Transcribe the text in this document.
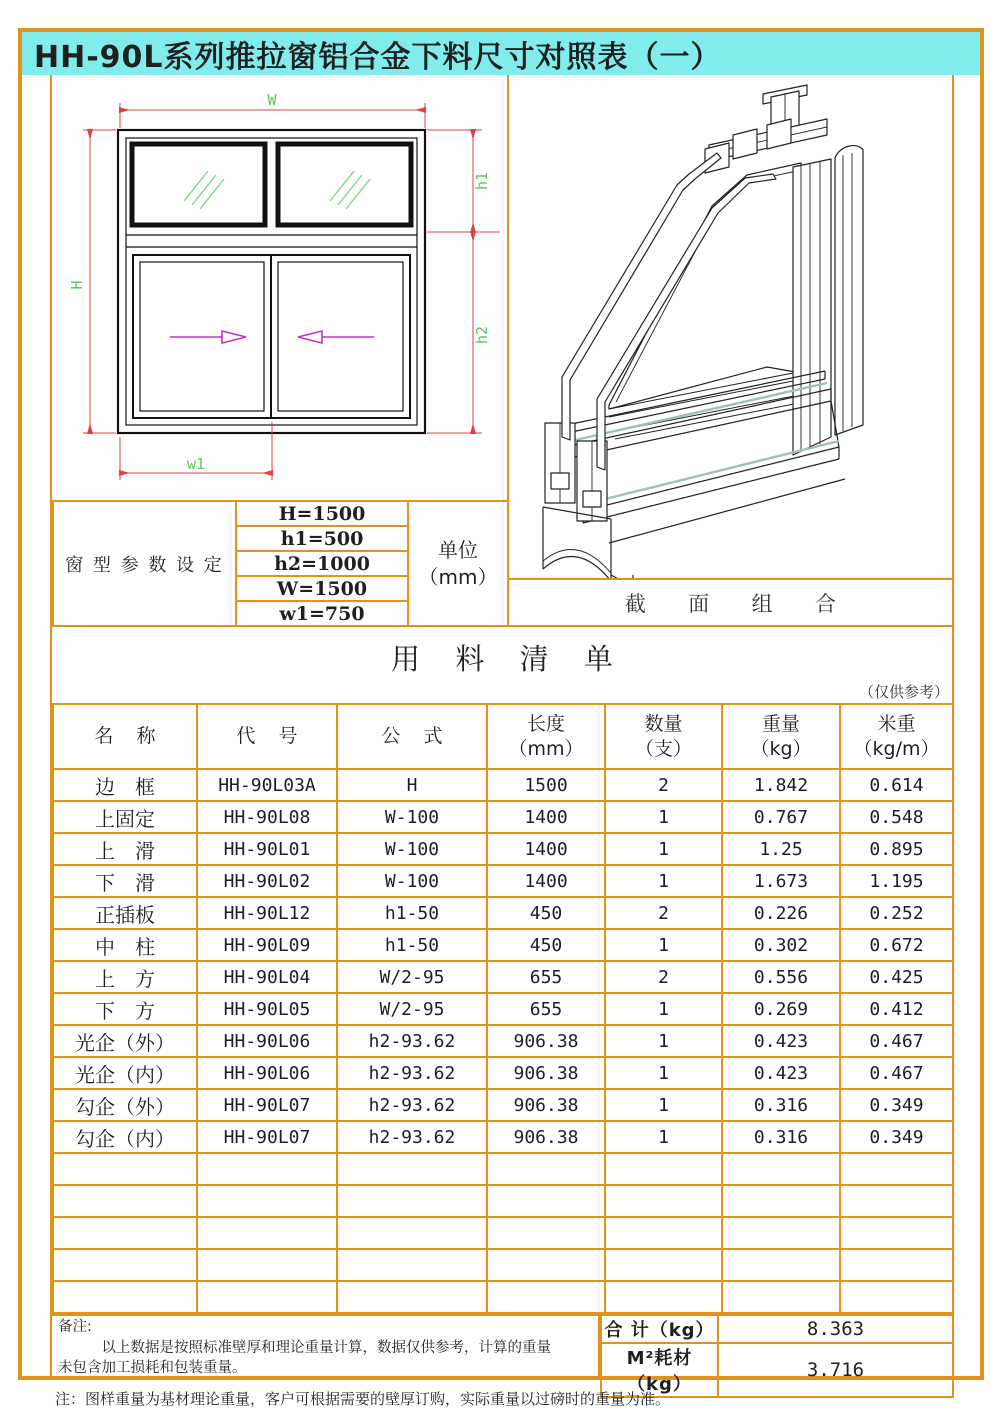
HH-90L系列推拉窗铝合金下料尺寸对照表（一）
W
H
h1
h2
w1
窗 型 参 数 设 定	H=1500	
单位
（mm）

h1=500
h2=1000
W=1500
w1=750	截 面 组 合
用 料 清 单
（仅供参考）
名 称	代 号	公 式	
长度
（mm）

数量
（支）

重量
（kg）

米重
（kg/m）

边　框	HH-90L03A	H	1500	2	1.842	0.614
上固定	HH-90L08	W-100	1400	1	0.767	0.548
上　滑	HH-90L01	W-100	1400	1	1.25	0.895
下　滑	HH-90L02	W-100	1400	1	1.673	1.195
正插板	HH-90L12	h1-50	450	2	0.226	0.252
中　柱	HH-90L09	h1-50	450	1	0.302	0.672
上　方	HH-90L04	W/2-95	655	2	0.556	0.425
下　方	HH-90L05	W/2-95	655	1	0.269	0.412
光企（外）	HH-90L06	h2-93.62	906.38	1	0.423	0.467
光企（内）	HH-90L06	h2-93.62	906.38	1	0.423	0.467
勾企（外）	HH-90L07	h2-93.62	906.38	1	0.316	0.349
勾企（内）	HH-90L07	h2-93.62	906.38	1	0.316	0.349

备注:
　　　以上数据是按照标准壁厚和理论重量计算，数据仅供参考，计算的重量
未包含加工损耗和包装重量。
合 计（kg）	8.363
M²耗材（kg）	3.716
注：图样重量为基材理论重量，客户可根据需要的壁厚订购，实际重量以过磅时的重量为准。
